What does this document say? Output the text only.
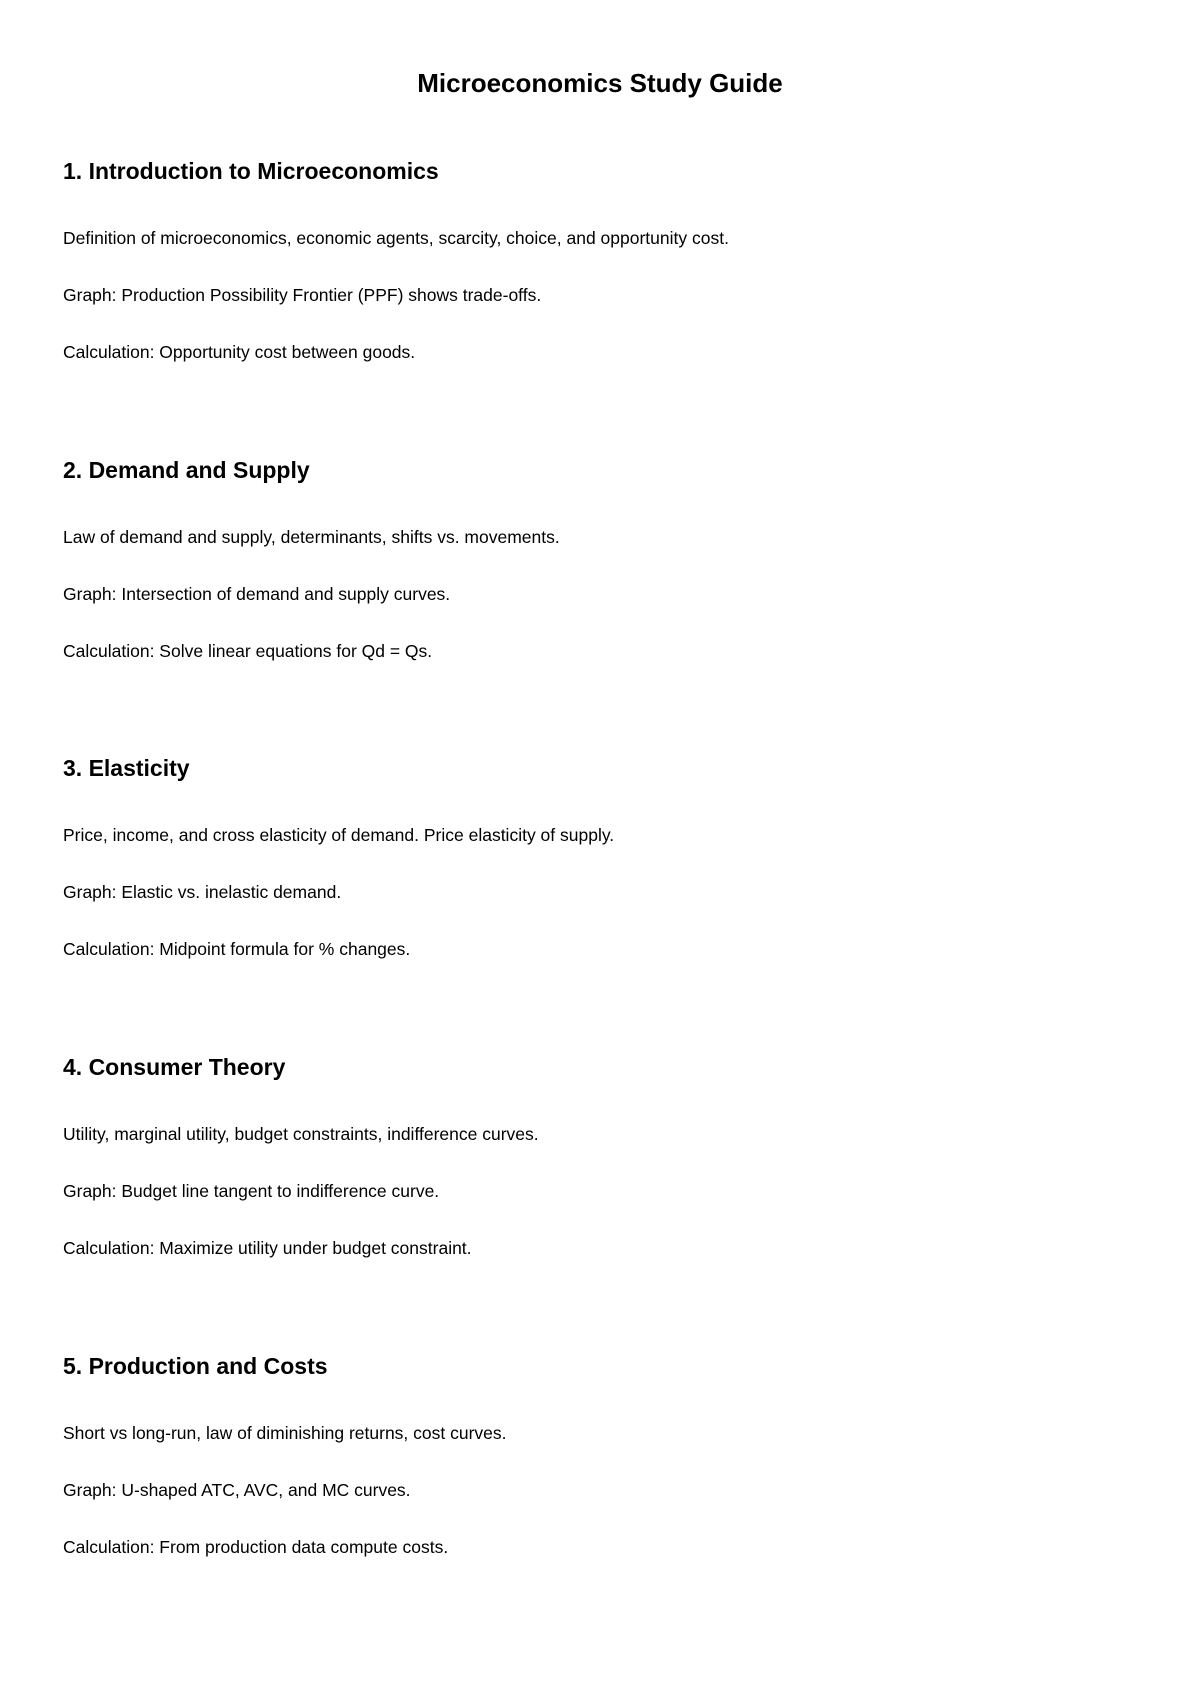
Microeconomics Study Guide
1. Introduction to Microeconomics

Definition of microeconomics, economic agents, scarcity, choice, and opportunity cost.

Graph: Production Possibility Frontier (PPF) shows trade-offs.

Calculation: Opportunity cost between goods.

2. Demand and Supply

Law of demand and supply, determinants, shifts vs. movements.

Graph: Intersection of demand and supply curves.

Calculation: Solve linear equations for Qd = Qs.

3. Elasticity

Price, income, and cross elasticity of demand. Price elasticity of supply.

Graph: Elastic vs. inelastic demand.

Calculation: Midpoint formula for % changes.

4. Consumer Theory

Utility, marginal utility, budget constraints, indifference curves.

Graph: Budget line tangent to indifference curve.

Calculation: Maximize utility under budget constraint.

5. Production and Costs

Short vs long-run, law of diminishing returns, cost curves.

Graph: U-shaped ATC, AVC, and MC curves.

Calculation: From production data compute costs.
